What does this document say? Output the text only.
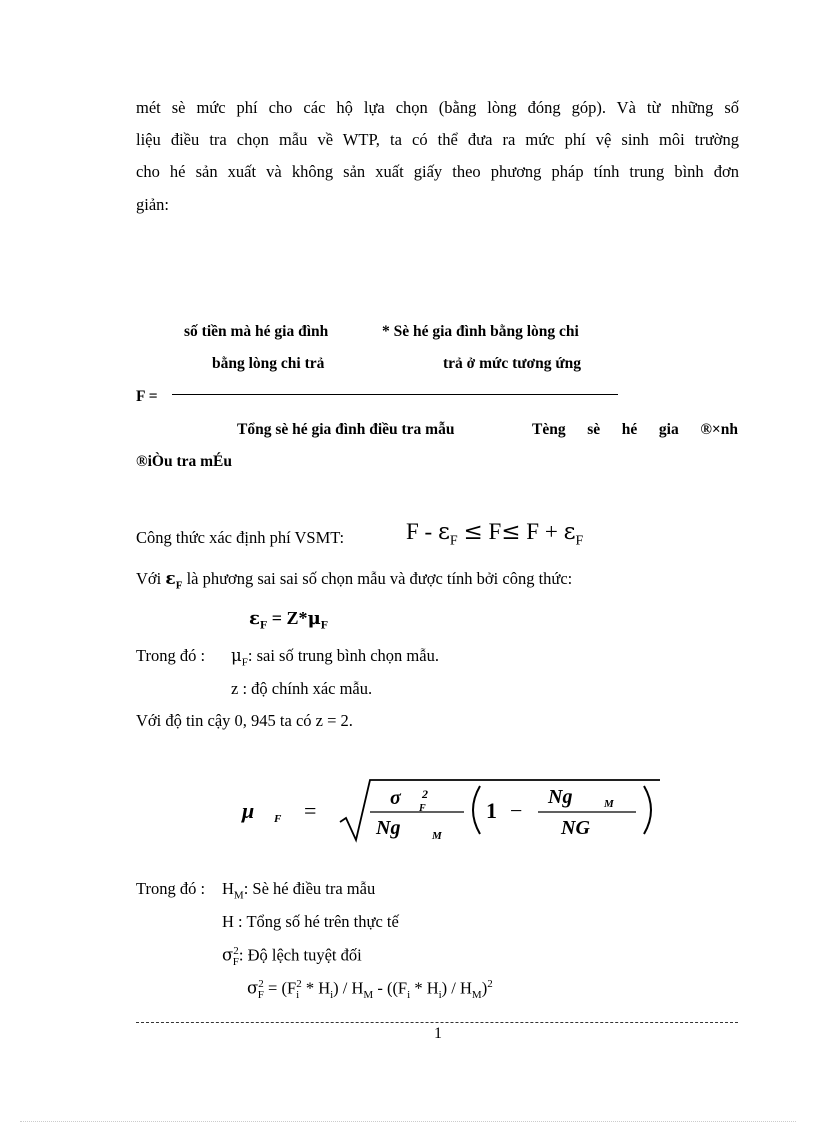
mét sè mức phí cho các hộ lựa chọn (bằng lòng đóng góp). Và từ những số
liệu điều tra chọn mẫu về WTP, ta có thể đưa ra mức phí vệ sinh môi trường
cho hé sản xuất và không sản xuất giấy theo phương pháp tính trung bình đơn
giản:
số tiền mà hé gia đình	* Sè hé gia đình bằng lòng chi
bằng lòng chi trả	trả ở mức tương ứng
F =
Tổng sè hé gia đình điều tra mẫu	Tèng sè hé gia ®×nh
®iÒu tra mÉu
Công thức xác định phí VSMT:	$F - \varepsilon_F \le F\le F + \varepsilon_F$
Với $\varepsilon_F$ là phương sai sai số chọn mẫu và được tính bởi công thức:
$\varepsilon_F = Z*\mu_F$
Trong đó : $\mu_F$: sai số trung bình chọn mẫu.
z : độ chính xác mẫu.
Với độ tin cậy 0, 945 ta có z = 2.
μ F =	σ 2
F
Ng	M
1 −
Ng	M
NG
Trong đó : $H_M$: Sè hé điều tra mẫu
H : Tổng số hé trên thực tế
$\sigma^2_F$: Độ lệch tuyệt đối
$\sigma^2_F = (F_i^2 * H_i) / H_M - ((F_i * H_i) / H_M)^2$
1
